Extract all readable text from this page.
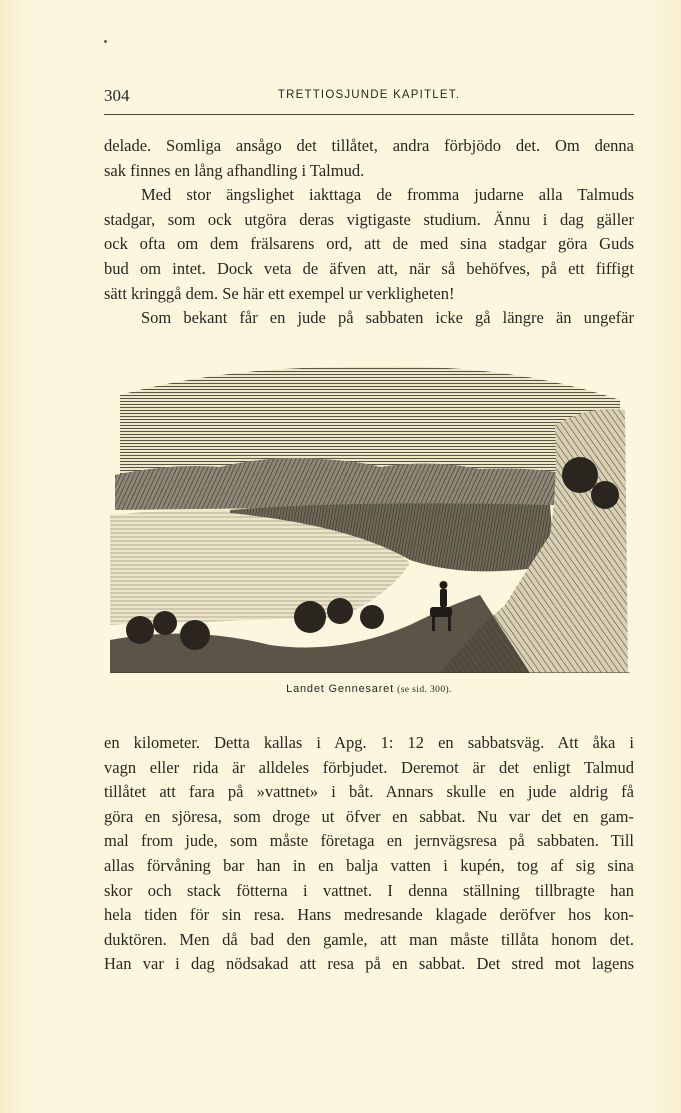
304	TRETTIOSJUNDE KAPITLET.
delade. Somliga ansågo det tillåtet, andra förbjödo det. Om denna
sak finnes en lång afhandling i Talmud.
Med stor ängslighet iakttaga de fromma judarne alla Talmuds
stadgar, som ock utgöra deras vigtigaste studium. Ännu i dag gäller
ock ofta om dem frälsarens ord, att de med sina stadgar göra Guds
bud om intet. Dock veta de äfven att, när så behöfves, på ett fiffigt
sätt kringgå dem. Se här ett exempel ur verkligheten!
Som bekant får en jude på sabbaten icke gå längre än ungefär
Landet Gennesaret (se sid. 300).
en kilometer. Detta kallas i Apg. 1: 12 en sabbatsväg. Att åka i
vagn eller rida är alldeles förbjudet. Deremot är det enligt Talmud
tillåtet att fara på »vattnet» i båt. Annars skulle en jude aldrig få
göra en sjöresa, som droge ut öfver en sabbat. Nu var det en gam-
mal from jude, som måste företaga en jernvägsresa på sabbaten. Till
allas förvåning bar han in en balja vatten i kupén, tog af sig sina
skor och stack fötterna i vattnet. I denna ställning tillbragte han
hela tiden för sin resa. Hans medresande klagade deröfver hos kon-
duktören. Men då bad den gamle, att man måste tillåta honom det.
Han var i dag nödsakad att resa på en sabbat. Det stred mot lagens
